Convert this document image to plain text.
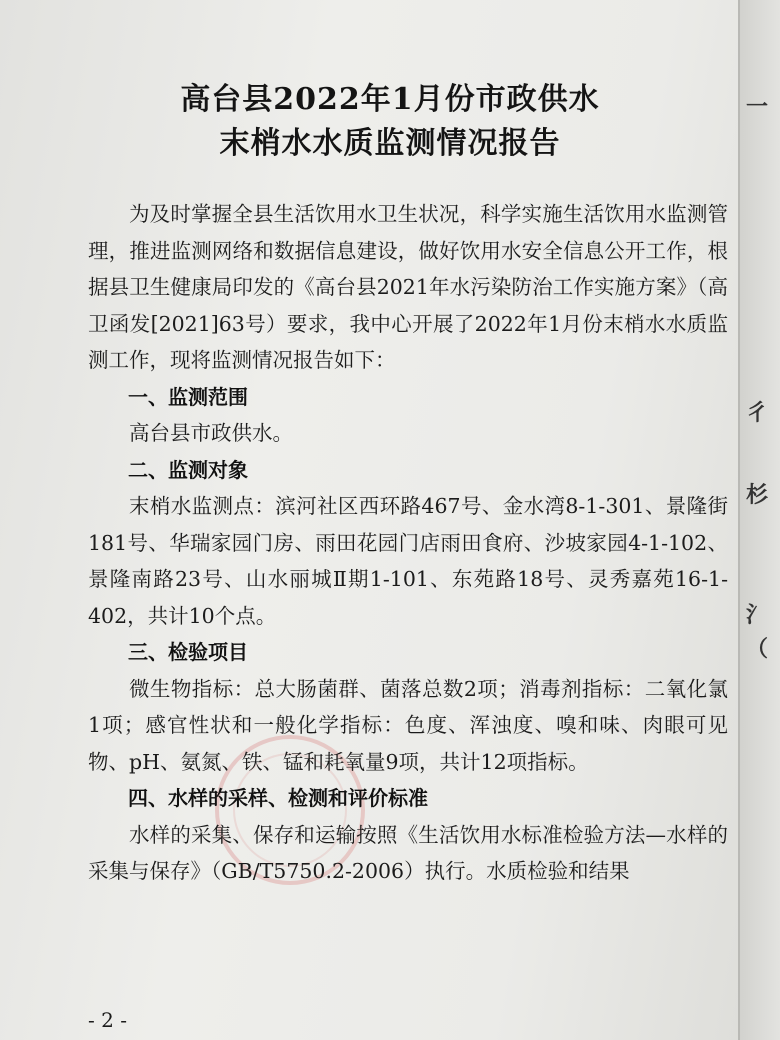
一
彳
杉
氵
（
高台县2022年1月份市政供水
末梢水水质监测情况报告

为及时掌握全县生活饮用水卫生状况，科学实施生活饮用水监测管理，推进监测网络和数据信息建设，做好饮用水安全信息公开工作，根据县卫生健康局印发的《高台县2021年水污染防治工作实施方案》（高卫函发[2021]63号）要求，我中心开展了2022年1月份末梢水水质监测工作，现将监测情况报告如下：

一、监测范围

高台县市政供水。

二、监测对象

末梢水监测点：滨河社区西环路467号、金水湾8-1-301、景隆街181号、华瑞家园门房、雨田花园门店雨田食府、沙坡家园4-1-102、景隆南路23号、山水丽城Ⅱ期1-101、东苑路18号、灵秀嘉苑16-1-402，共计10个点。

三、检验项目

微生物指标：总大肠菌群、菌落总数2项；消毒剂指标：二氧化氯1项；感官性状和一般化学指标：色度、浑浊度、嗅和味、肉眼可见物、pH、氨氮、铁、锰和耗氧量9项，共计12项指标。

四、水样的采样、检测和评价标准

水样的采集、保存和运输按照《生活饮用水标准检验方法—水样的采集与保存》（GB/T5750.2-2006）执行。水质检验和结果

- 2 -
